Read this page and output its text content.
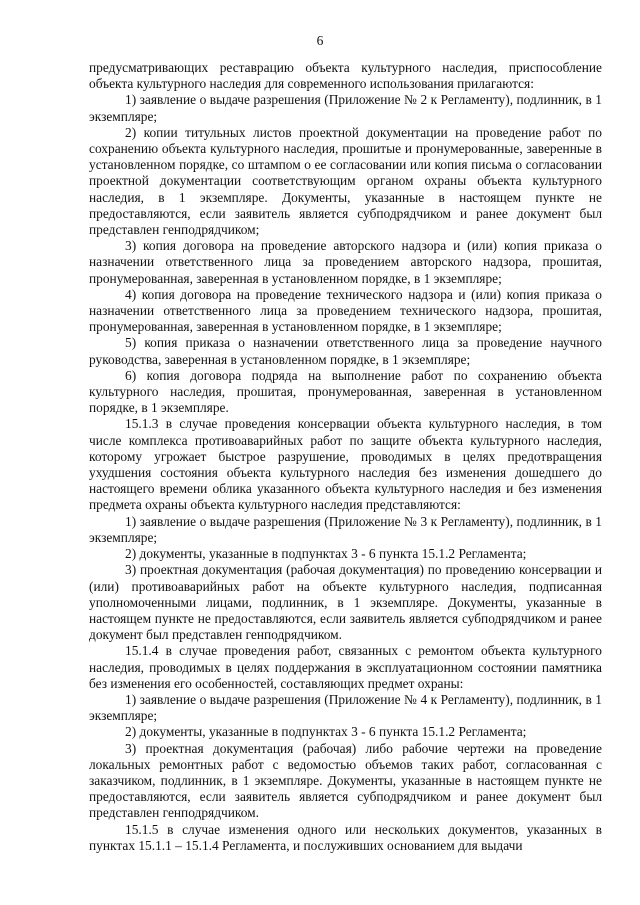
6

предусматривающих реставрацию объекта культурного наследия, приспособление объекта культурного наследия для современного использования прилагаются:

1) заявление о выдаче разрешения (Приложение № 2 к Регламенту), подлинник, в 1 экземпляре;

2) копии титульных листов проектной документации на проведение работ по сохранению объекта культурного наследия, прошитые и пронумерованные, заверенные в установленном порядке, со штампом о ее согласовании или копия письма о согласовании проектной документации соответствующим органом охраны объекта культурного наследия, в 1 экземпляре. Документы, указанные в настоящем пункте не предоставляются, если заявитель является субподрядчиком и ранее документ был представлен генподрядчиком;

3) копия договора на проведение авторского надзора и (или) копия приказа о назначении ответственного лица за проведением авторского надзора, прошитая, пронумерованная, заверенная в установленном порядке, в 1 экземпляре;

4) копия договора на проведение технического надзора и (или) копия приказа о назначении ответственного лица за проведением технического надзора, прошитая, пронумерованная, заверенная в установленном порядке, в 1 экземпляре;

5) копия приказа о назначении ответственного лица за проведение научного руководства, заверенная в установленном порядке, в 1 экземпляре;

6) копия договора подряда на выполнение работ по сохранению объекта культурного наследия, прошитая, пронумерованная, заверенная в установленном порядке, в 1 экземпляре.

15.1.3 в случае проведения консервации объекта культурного наследия, в том числе комплекса противоаварийных работ по защите объекта культурного наследия, которому угрожает быстрое разрушение, проводимых в целях предотвращения ухудшения состояния объекта культурного наследия без изменения дошедшего до настоящего времени облика указанного объекта культурного наследия и без изменения предмета охраны объекта культурного наследия представляются:

1) заявление о выдаче разрешения (Приложение № 3 к Регламенту), подлинник, в 1 экземпляре;

2) документы, указанные в подпунктах 3 - 6 пункта 15.1.2 Регламента;

3) проектная документация (рабочая документация) по проведению консервации и (или) противоаварийных работ на объекте культурного наследия, подписанная уполномоченными лицами, подлинник, в 1 экземпляре. Документы, указанные в настоящем пункте не предоставляются, если заявитель является субподрядчиком и ранее документ был представлен генподрядчиком.

15.1.4 в случае проведения работ, связанных с ремонтом объекта культурного наследия, проводимых в целях поддержания в эксплуатационном состоянии памятника без изменения его особенностей, составляющих предмет охраны:

1) заявление о выдаче разрешения (Приложение № 4 к Регламенту), подлинник, в 1 экземпляре;

2) документы, указанные в подпунктах 3 - 6 пункта 15.1.2 Регламента;

3) проектная документация (рабочая) либо рабочие чертежи на проведение локальных ремонтных работ с ведомостью объемов таких работ, согласованная с заказчиком, подлинник, в 1 экземпляре. Документы, указанные в настоящем пункте не предоставляются, если заявитель является субподрядчиком и ранее документ был представлен генподрядчиком.

15.1.5 в случае изменения одного или нескольких документов, указанных в пунктах 15.1.1 – 15.1.4 Регламента, и послуживших основанием для выдачи
